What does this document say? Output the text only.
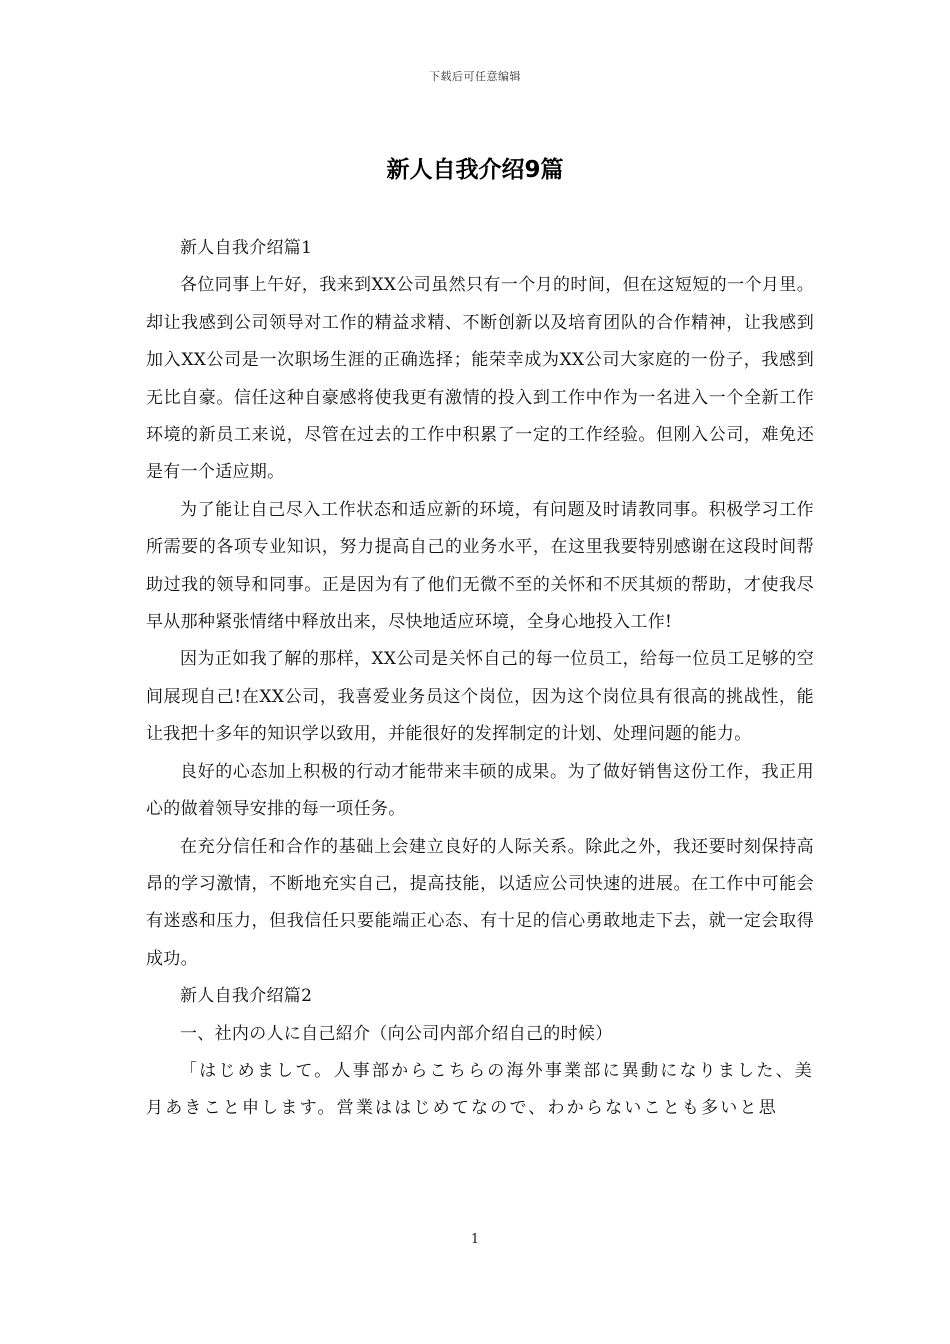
下载后可任意编辑
新人自我介绍9篇

新人自我介绍篇1

各位同事上午好，我来到XX公司虽然只有一个月的时间，但在这短短的一个月里。却让我感到公司领导对工作的精益求精、不断创新以及培育团队的合作精神，让我感到加入XX公司是一次职场生涯的正确选择；能荣幸成为XX公司大家庭的一份子，我感到无比自豪。信任这种自豪感将使我更有激情的投入到工作中作为一名进入一个全新工作环境的新员工来说，尽管在过去的工作中积累了一定的工作经验。但刚入公司，难免还是有一个适应期。

为了能让自己尽入工作状态和适应新的环境，有问题及时请教同事。积极学习工作所需要的各项专业知识，努力提高自己的业务水平，在这里我要特别感谢在这段时间帮助过我的领导和同事。正是因为有了他们无微不至的关怀和不厌其烦的帮助，才使我尽早从那种紧张情绪中释放出来，尽快地适应环境，全身心地投入工作!

因为正如我了解的那样，XX公司是关怀自己的每一位员工，给每一位员工足够的空间展现自己!在XX公司，我喜爱业务员这个岗位，因为这个岗位具有很高的挑战性，能让我把十多年的知识学以致用，并能很好的发挥制定的计划、处理问题的能力。

良好的心态加上积极的行动才能带来丰硕的成果。为了做好销售这份工作，我正用心的做着领导安排的每一项任务。

在充分信任和合作的基础上会建立良好的人际关系。除此之外，我还要时刻保持高昂的学习激情，不断地充实自己，提高技能，以适应公司快速的进展。在工作中可能会有迷惑和压力，但我信任只要能端正心态、有十足的信心勇敢地走下去，就一定会取得成功。

新人自我介绍篇2

一、社内の人に自己紹介（向公司内部介绍自己的时候）

「はじめまして。人事部からこちらの海外事業部に異動になりました、美月あきこと申します。営業ははじめてなので、わからないことも多いと思

1
